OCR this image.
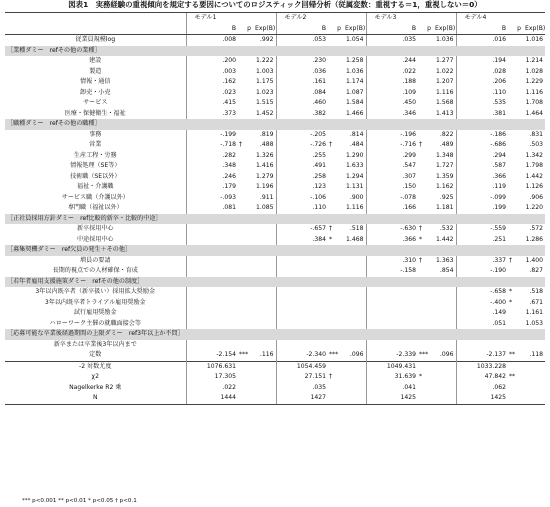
図表1　実務経験の重視傾向を規定する要因についてのロジスティック回帰分析（従属変数：重視する＝1，重視しない＝0）
	モデル1			モデル2			モデル3			モデル4		
	B	p	Exp(B)	B	p	Exp(B)	B	p	Exp(B)	B	p	Exp(B)
従業員規模log	.008		.992	.053		1.054	.035		1.036	.016		1.016
［業種ダミー　refその他の業種］												
建設	.200		1.222	.230		1.258	.244		1.277	.194		1.214
製造	.003		1.003	.036		1.036	.022		1.022	.028		1.028
情報・通信	.162		1.175	.161		1.174	.188		1.207	.206		1.229
卸売・小売	.023		1.023	.084		1.087	.109		1.116	.110		1.116
サービス	.415		1.515	.460		1.584	.450		1.568	.535		1.708
医療・保健衛生・福祉	.373		1.452	.382		1.466	.346		1.413	.381		1.464
［職種ダミー　refその他の職種］												
事務	-.199		.819	-.205		.814	-.196		.822	-.186		.831
営業	-.718	†	.488	-.726	†	.484	-.716	†	.489	-.686		.503
生産工程・労務	.282		1.326	.255		1.290	.299		1.348	.294		1.342
情報処理（SE等）	.348		1.416	.491		1.633	.547		1.727	.587		1.798
技術職（SE以外）	.246		1.279	.258		1.294	.307		1.359	.366		1.442
福祉・介護職	.179		1.196	.123		1.131	.150		1.162	.119		1.126
サービス職（介護以外）	-.093		.911	-.106		.900	-.078		.925	-.099		.906
専門職（福祉以外）	.081		1.085	.110		1.116	.166		1.181	.199		1.220
［正社員採用方針ダミー　ref比較的新卒・比較的中途］												
新卒採用中心				-.657	†	.518	-.630	†	.532	-.559		.572
中途採用中心				.384	*	1.468	.366	*	1.442	.251		1.286
［募集契機ダミー　ref欠員の発生＋その他］												
増員の要請							.310	†	1.363	.337	†	1.400
長期的視点での人材確保・育成							-.158		.854	-.190		.827
［若年者雇用支援施策ダミー　refその他の制度］												
3年以内既卒者（新卒扱い）採用拡大奨励金										-.658	*	.518
3年以内既卒者トライアル雇用奨励金										-.400	*	.671
試行雇用奨励金										.149		1.161
ハローワーク主催の就職面接会等										.051		1.053
［応募可能な卒業後経過期間の上限ダミー　ref3年以上か不問］												
新卒または卒業後3年以内まで												
定数	-2.154	***	.116	-2.340	***	.096	-2.339	***	.096	-2.137	**	.118
-2 対数尤度	1076.631			1054.459			1049.431			1033.228		
χ2	17.305			27.151	†		31.639	*		47.842	**	
Nagelkerke R2 乗	.022			.035			.041			.062		
N	1444			1427			1425			1425		
*** p<0.001 ** p<0.01 * p<0.05 † p<0.1
